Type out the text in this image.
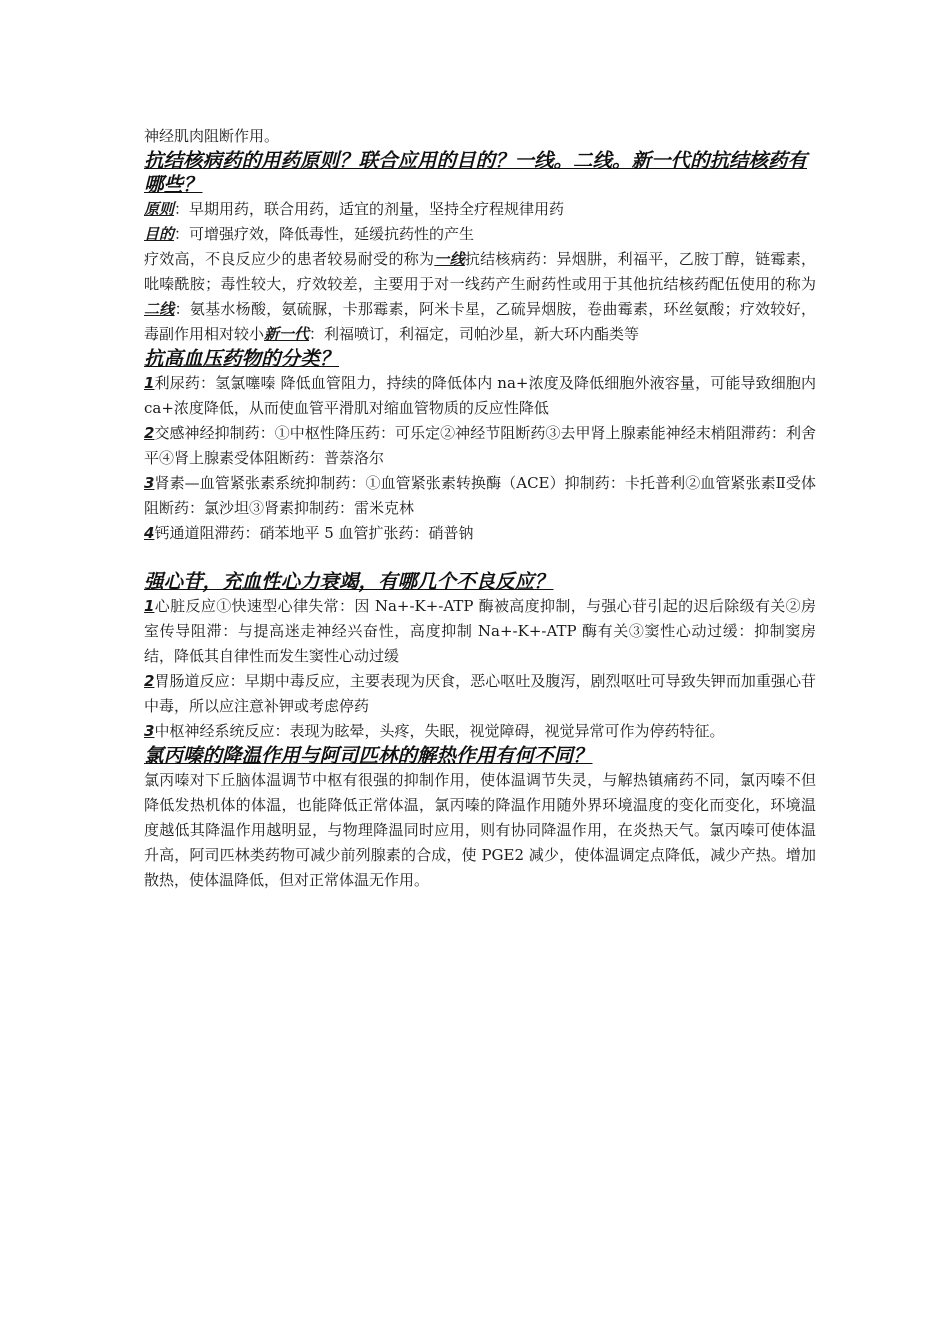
神经肌肉阻断作用。

抗结核病药的用药原则？联合应用的目的？一线。二线。新一代的抗结核药有哪些？

原则：早期用药，联合用药，适宜的剂量，坚持全疗程规律用药

目的：可增强疗效，降低毒性，延缓抗药性的产生

疗效高，不良反应少的患者较易耐受的称为一线抗结核病药：异烟肼，利福平，乙胺丁醇，链霉素，吡嗪酰胺；毒性较大，疗效较差，主要用于对一线药产生耐药性或用于其他抗结核药配伍使用的称为二线：氨基水杨酸，氨硫脲，卡那霉素，阿米卡星，乙硫异烟胺，卷曲霉素，环丝氨酸；疗效较好，毒副作用相对较小新一代：利福喷订，利福定，司帕沙星，新大环内酯类等

抗高血压药物的分类？

1利尿药：氢氯噻嗪 降低血管阻力，持续的降低体内 na+浓度及降低细胞外液容量，可能导致细胞内 ca+浓度降低，从而使血管平滑肌对缩血管物质的反应性降低

2交感神经抑制药：①中枢性降压药：可乐定②神经节阻断药③去甲肾上腺素能神经末梢阻滞药：利舍平④肾上腺素受体阻断药：普萘洛尔

3肾素—血管紧张素系统抑制药：①血管紧张素转换酶（ACE）抑制药：卡托普利②血管紧张素Ⅱ受体阻断药：氯沙坦③肾素抑制药：雷米克林

4钙通道阻滞药：硝苯地平 5 血管扩张药：硝普钠

强心苷，充血性心力衰竭，有哪几个不良反应？

1心脏反应①快速型心律失常：因 Na+-K+-ATP 酶被高度抑制，与强心苷引起的迟后除级有关②房室传导阻滞：与提高迷走神经兴奋性，高度抑制 Na+-K+-ATP 酶有关③窦性心动过缓：抑制窦房结，降低其自律性而发生窦性心动过缓

2胃肠道反应：早期中毒反应，主要表现为厌食，恶心呕吐及腹泻，剧烈呕吐可导致失钾而加重强心苷中毒，所以应注意补钾或考虑停药

3中枢神经系统反应：表现为眩晕，头疼，失眠，视觉障碍，视觉异常可作为停药特征。

氯丙嗪的降温作用与阿司匹林的解热作用有何不同？

氯丙嗪对下丘脑体温调节中枢有很强的抑制作用，使体温调节失灵，与解热镇痛药不同，氯丙嗪不但降低发热机体的体温，也能降低正常体温，氯丙嗪的降温作用随外界环境温度的变化而变化，环境温度越低其降温作用越明显，与物理降温同时应用，则有协同降温作用，在炎热天气。氯丙嗪可使体温升高，阿司匹林类药物可减少前列腺素的合成，使 PGE2 减少，使体温调定点降低，减少产热。增加散热，使体温降低，但对正常体温无作用。
